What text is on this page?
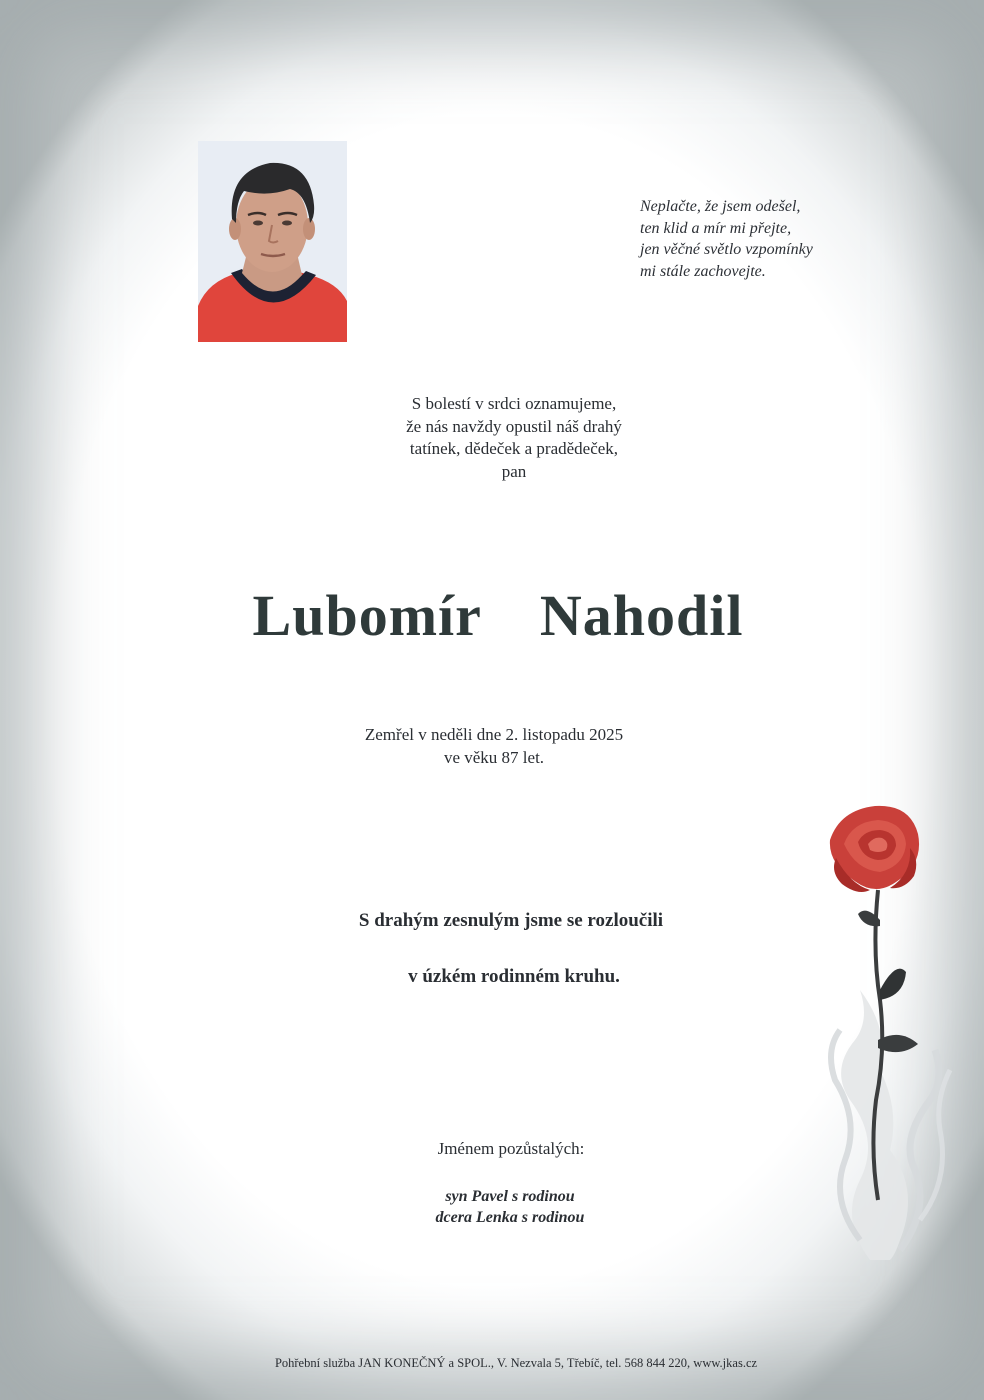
Neplačte, že jsem odešel,
ten klid a mír mi přejte,
jen věčné světlo vzpomínky
mi stále zachovejte.
S bolestí v srdci oznamujeme,
že nás navždy opustil náš drahý
tatínek, dědeček a pradědeček,
pan
Lubomír  Nahodil
Zemřel v neděli dne 2. listopadu 2025
ve věku 87 let.
S drahým zesnulým jsme se rozloučili
v úzkém rodinném kruhu.
Jménem pozůstalých:
syn Pavel s rodinou
dcera Lenka s rodinou
Pohřební služba JAN KONEČNÝ a SPOL., V. Nezvala 5, Třebíč, tel. 568 844 220, www.jkas.cz
